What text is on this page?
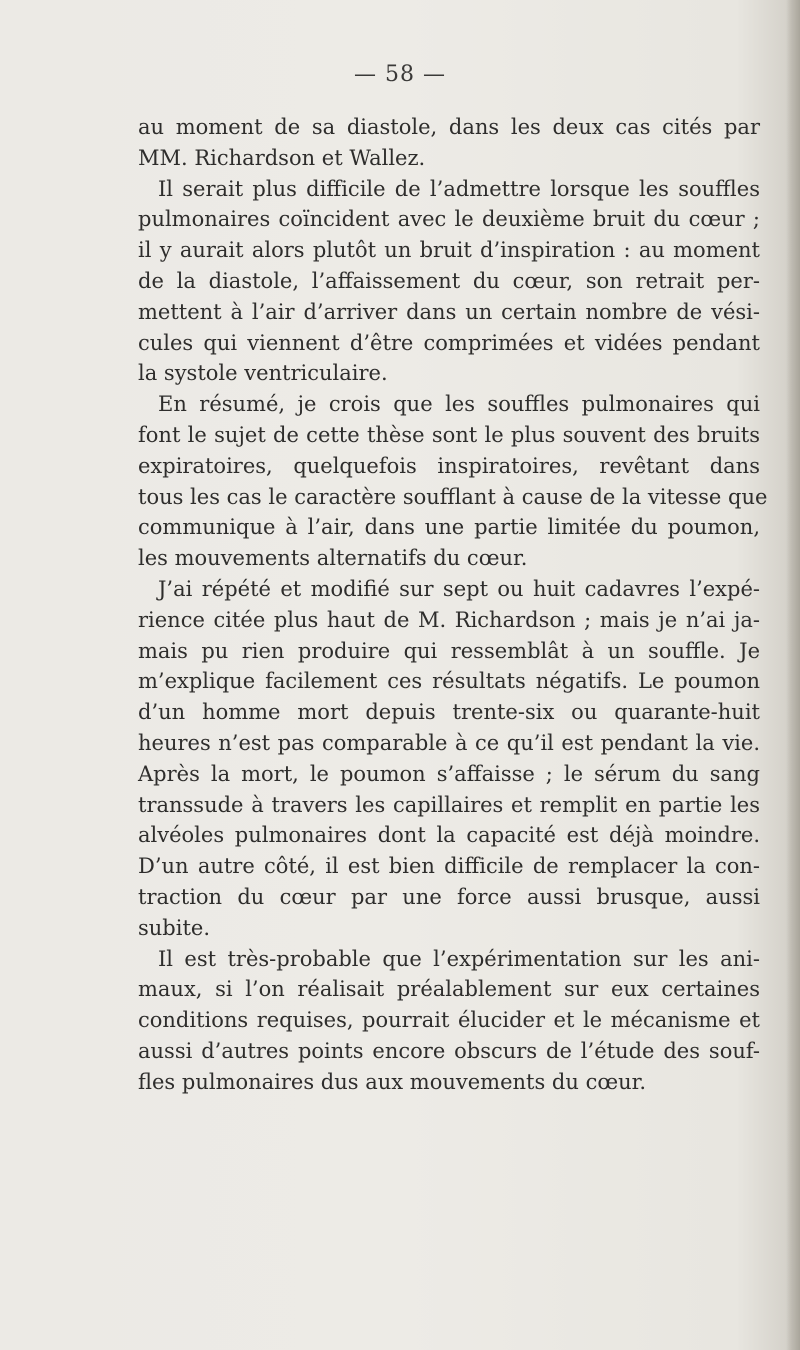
— 58 —
au moment de sa diastole, dans les deux cas cités par
MM. Richardson et Wallez.
Il serait plus difficile de l’admettre lorsque les souffles
pulmonaires coïncident avec le deuxième bruit du cœur ;
il y aurait alors plutôt un bruit d’inspiration : au moment
de la diastole, l’affaissement du cœur, son retrait per-
mettent à l’air d’arriver dans un certain nombre de vési-
cules qui viennent d’être comprimées et vidées pendant
la systole ventriculaire.
En résumé, je crois que les souffles pulmonaires qui
font le sujet de cette thèse sont le plus souvent des bruits
expiratoires, quelquefois inspiratoires, revêtant dans
tous les cas le caractère soufflant à cause de la vitesse que
communique à l’air, dans une partie limitée du poumon,
les mouvements alternatifs du cœur.
J’ai répété et modifié sur sept ou huit cadavres l’expé-
rience citée plus haut de M. Richardson ; mais je n’ai ja-
mais pu rien produire qui ressemblât à un souffle. Je
m’explique facilement ces résultats négatifs. Le poumon
d’un homme mort depuis trente-six ou quarante-huit
heures n’est pas comparable à ce qu’il est pendant la vie.
Après la mort, le poumon s’affaisse ; le sérum du sang
transsude à travers les capillaires et remplit en partie les
alvéoles pulmonaires dont la capacité est déjà moindre.
D’un autre côté, il est bien difficile de remplacer la con-
traction du cœur par une force aussi brusque, aussi
subite.
Il est très-probable que l’expérimentation sur les ani-
maux, si l’on réalisait préalablement sur eux certaines
conditions requises, pourrait élucider et le mécanisme et
aussi d’autres points encore obscurs de l’étude des souf-
fles pulmonaires dus aux mouvements du cœur.
